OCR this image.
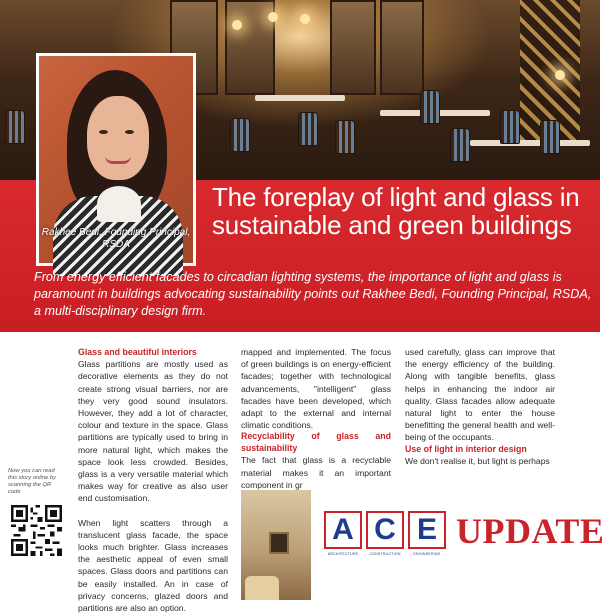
Rakhee Bedi, Founding Principal, RSDA
The foreplay of light and glass in sustainable and green buildings

From energy efficient facades to circadian lighting systems, the importance of light and glass is paramount in buildings advocating sustainability points out Rakhee Bedi, Founding Principal, RSDA, a multi-disciplinary design firm.

Glass and beautiful interiors

Glass partitions are mostly used as decorative elements as they do not create strong visual barriers, nor are they very good sound insulators. However, they add a lot of character, colour and texture in the space. Glass partitions are typically used to bring in more natural light, which makes the space look less crowded. Besides, glass is a very versatile material which makes way for creative as also user end customisation.

When light scatters through a translucent glass facade, the space looks much brighter. Glass increases the aesthetic appeal of even small spaces. Glass doors and partitions can be easily installed. An in case of privacy concerns, glazed doors and partitions are also an option.

mapped and implemented. The focus of green buildings is on energy-efficient facades; together with technological advancements, "intelligent" glass facades have been developed, which adapt to the external and internal climatic conditions.

Recyclability of glass and sustainability

The fact that glass is a recyclable material makes it an important component in gr

used carefully, glass can improve that the energy efficiency of the building. Along with tangible benefits, glass helps in enhancing the indoor air quality. Glass facades allow adequate natural light to enter the house benefitting the general health and well-being of the occupants.

Use of light in interior design

We don't realise it, but light is perhaps

Now you can read this story online by scanning the QR code

A C E
ARCHITECTURE	CONSTRUCTION	ENGINEERING
UPDATE
